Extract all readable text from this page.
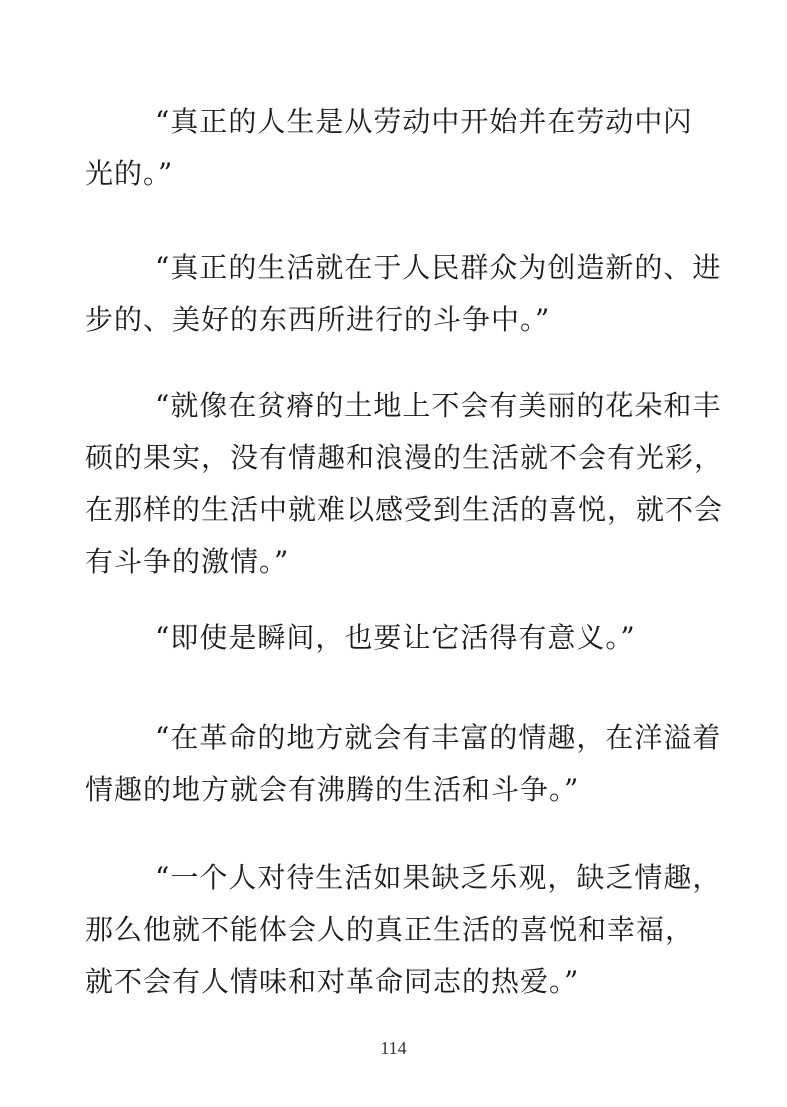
“真正的人生是从劳动中开始并在劳动中闪
光的。”
“真正的生活就在于人民群众为创造新的、进
步的、美好的东西所进行的斗争中。”
“就像在贫瘠的土地上不会有美丽的花朵和丰
硕的果实，没有情趣和浪漫的生活就不会有光彩，
在那样的生活中就难以感受到生活的喜悦，就不会
有斗争的激情。”
“即使是瞬间，也要让它活得有意义。”
“在革命的地方就会有丰富的情趣，在洋溢着
情趣的地方就会有沸腾的生活和斗争。”
“一个人对待生活如果缺乏乐观，缺乏情趣，
那么他就不能体会人的真正生活的喜悦和幸福，
就不会有人情味和对革命同志的热爱。”
114
